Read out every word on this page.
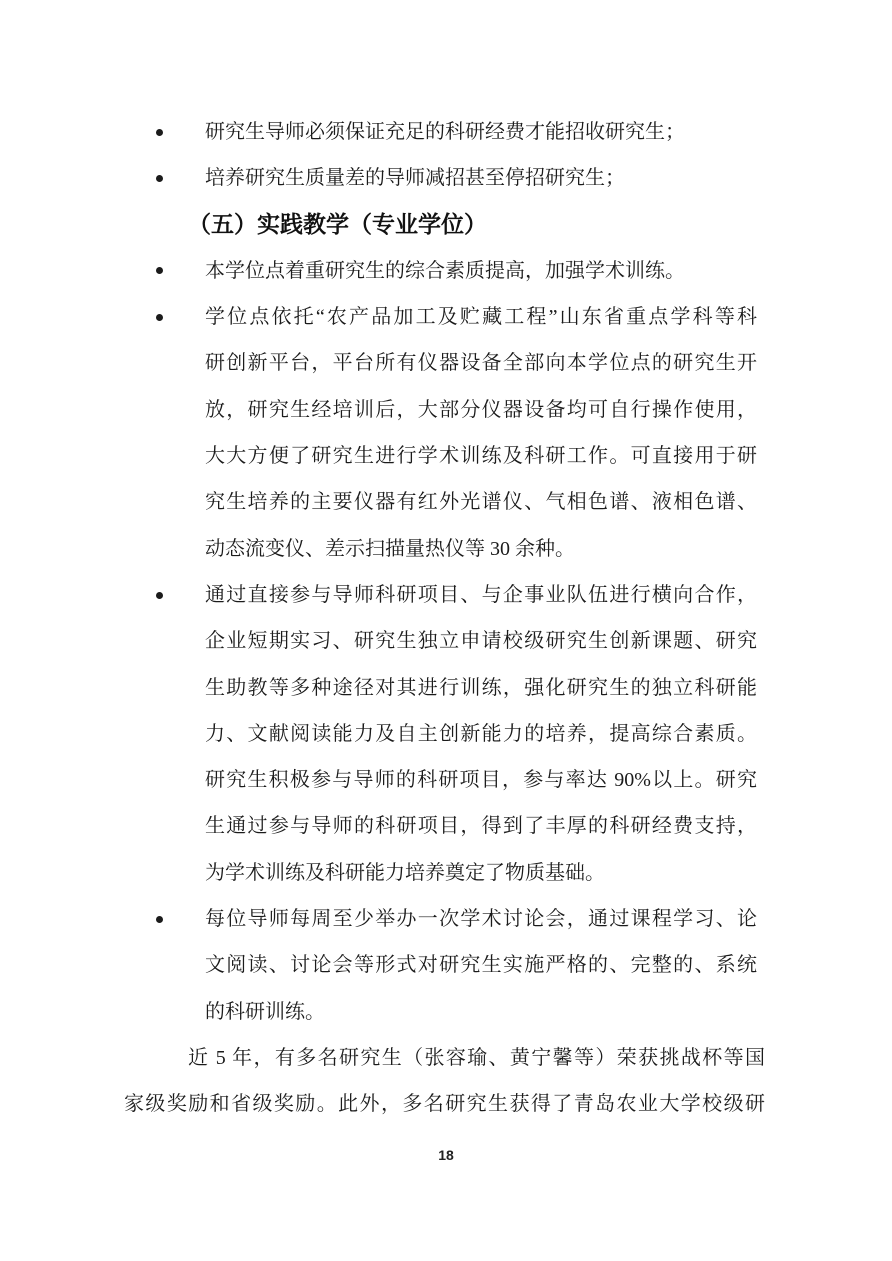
研究生导师必须保证充足的科研经费才能招收研究生；
培养研究生质量差的导师减招甚至停招研究生；
（五）实践教学（专业学位）
本学位点着重研究生的综合素质提高，加强学术训练。
学位点依托“农产品加工及贮藏工程”山东省重点学科等科
研创新平台，平台所有仪器设备全部向本学位点的研究生开
放，研究生经培训后，大部分仪器设备均可自行操作使用，
大大方便了研究生进行学术训练及科研工作。可直接用于研
究生培养的主要仪器有红外光谱仪、气相色谱、液相色谱、
动态流变仪、差示扫描量热仪等 30 余种。
通过直接参与导师科研项目、与企事业队伍进行横向合作，
企业短期实习、研究生独立申请校级研究生创新课题、研究
生助教等多种途径对其进行训练，强化研究生的独立科研能
力、文献阅读能力及自主创新能力的培养，提高综合素质。
研究生积极参与导师的科研项目，参与率达 90%以上。研究
生通过参与导师的科研项目，得到了丰厚的科研经费支持，
为学术训练及科研能力培养奠定了物质基础。
每位导师每周至少举办一次学术讨论会，通过课程学习、论
文阅读、讨论会等形式对研究生实施严格的、完整的、系统
的科研训练。
近 5 年，有多名研究生（张容瑜、黄宁馨等）荣获挑战杯等国
家级奖励和省级奖励。此外，多名研究生获得了青岛农业大学校级研
18
